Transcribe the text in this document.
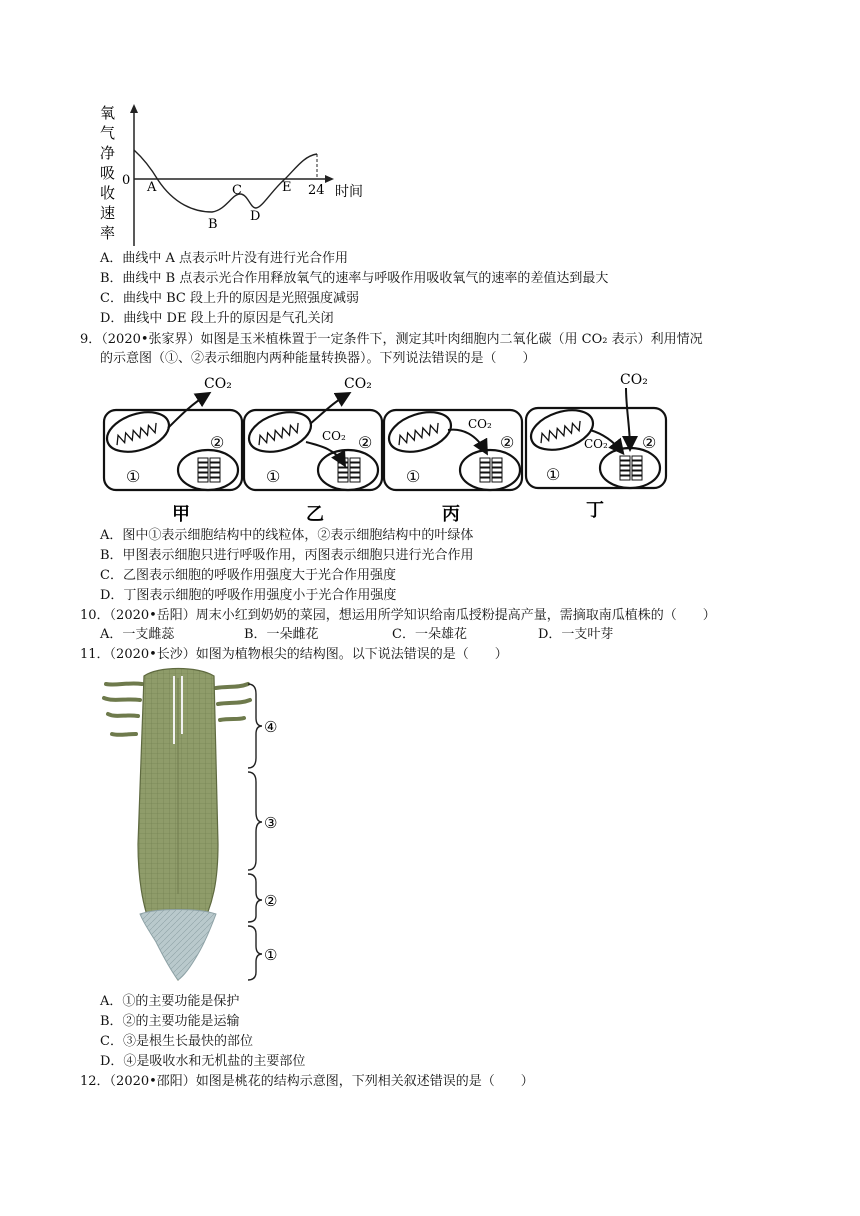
氧
气
净
吸
收
速
率
0
时间
24
A
B
C
D
E
A．曲线中 A 点表示叶片没有进行光合作用
B．曲线中 B 点表示光合作用释放氧气的速率与呼吸作用吸收氧气的速率的差值达到最大
C．曲线中 BC 段上升的原因是光照强度减弱
D．曲线中 DE 段上升的原因是气孔关闭
9．（2020•张家界）如图是玉米植株置于一定条件下，测定其叶肉细胞内二氧化碳（用 CO₂ 表示）利用情况
的示意图（①、②表示细胞内两种能量转换器）。下列说法错误的是（　　）
CO₂
①
②
CO₂
CO₂
①
②
CO₂
①
②
CO₂
CO₂
①
②
甲	乙	丙	丁
A．图中①表示细胞结构中的线粒体，②表示细胞结构中的叶绿体
B．甲图表示细胞只进行呼吸作用，丙图表示细胞只进行光合作用
C．乙图表示细胞的呼吸作用强度大于光合作用强度
D．丁图表示细胞的呼吸作用强度小于光合作用强度
10．（2020•岳阳）周末小红到奶奶的菜园，想运用所学知识给南瓜授粉提高产量，需摘取南瓜植株的（　　）
A．一支雌蕊	B．一朵雌花	C．一朵雄花	D．一支叶芽
11．（2020•长沙）如图为植物根尖的结构图。以下说法错误的是（　　）
④
③
②
①
A．①的主要功能是保护
B．②的主要功能是运输
C．③是根生长最快的部位
D．④是吸收水和无机盐的主要部位
12．（2020•邵阳）如图是桃花的结构示意图，下列相关叙述错误的是（　　）
